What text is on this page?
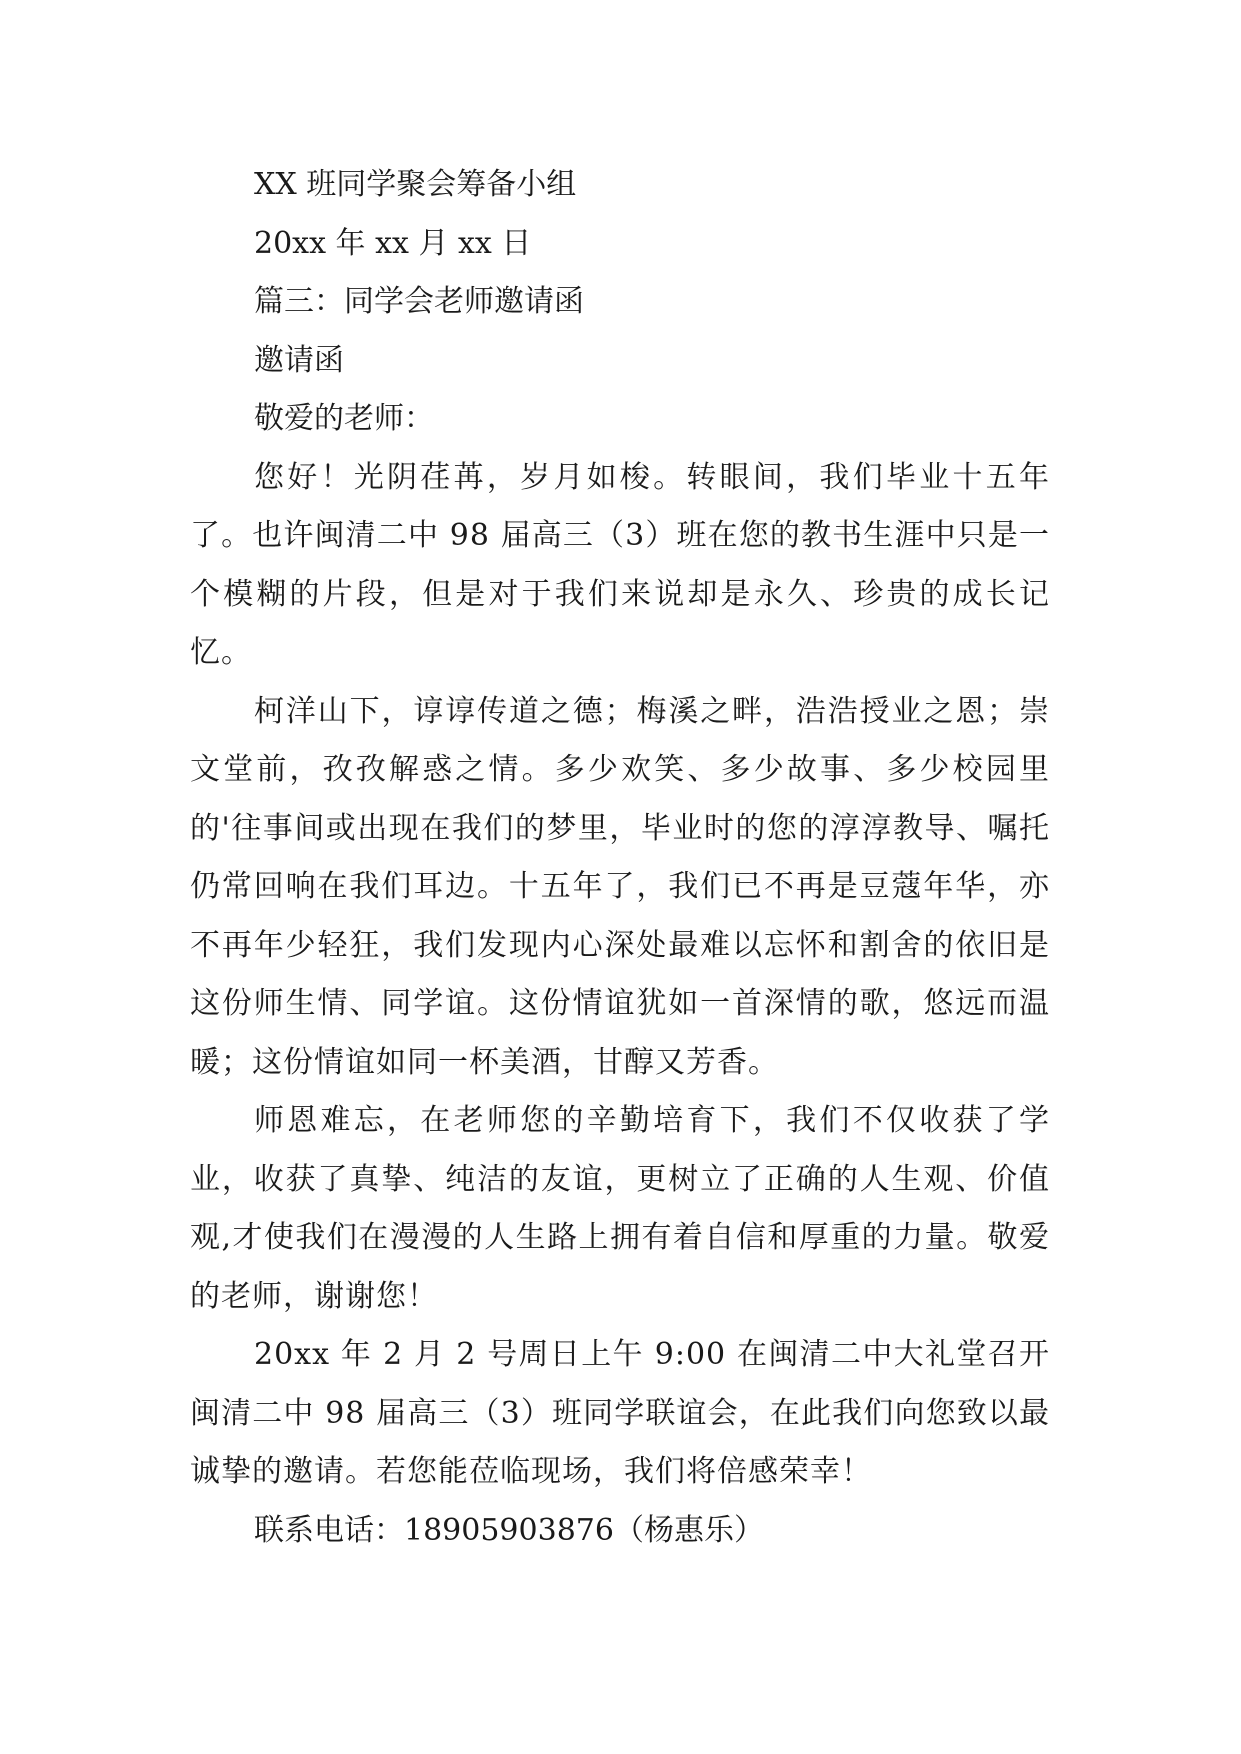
XX 班同学聚会筹备小组
20xx 年 xx 月 xx 日
篇三：同学会老师邀请函
邀请函
敬爱的老师：

您好！光阴荏苒，岁月如梭。转眼间，我们毕业十五年了。也许闽清二中 98 届高三（3）班在您的教书生涯中只是一个模糊的片段，但是对于我们来说却是永久、珍贵的成长记忆。

柯洋山下，谆谆传道之德；梅溪之畔，浩浩授业之恩；崇文堂前，孜孜解惑之情。多少欢笑、多少故事、多少校园里的'往事间或出现在我们的梦里，毕业时的您的淳淳教导、嘱托仍常回响在我们耳边。十五年了，我们已不再是豆蔻年华，亦不再年少轻狂，我们发现内心深处最难以忘怀和割舍的依旧是这份师生情、同学谊。这份情谊犹如一首深情的歌，悠远而温暖；这份情谊如同一杯美酒，甘醇又芳香。

师恩难忘，在老师您的辛勤培育下，我们不仅收获了学业，收获了真挚、纯洁的友谊，更树立了正确的人生观、价值观,才使我们在漫漫的人生路上拥有着自信和厚重的力量。敬爱的老师，谢谢您！

20xx 年 2 月 2 号周日上午 9:00 在闽清二中大礼堂召开闽清二中 98 届高三（3）班同学联谊会，在此我们向您致以最诚挚的邀请。若您能莅临现场，我们将倍感荣幸！

联系电话：18905903876（杨惠乐）
